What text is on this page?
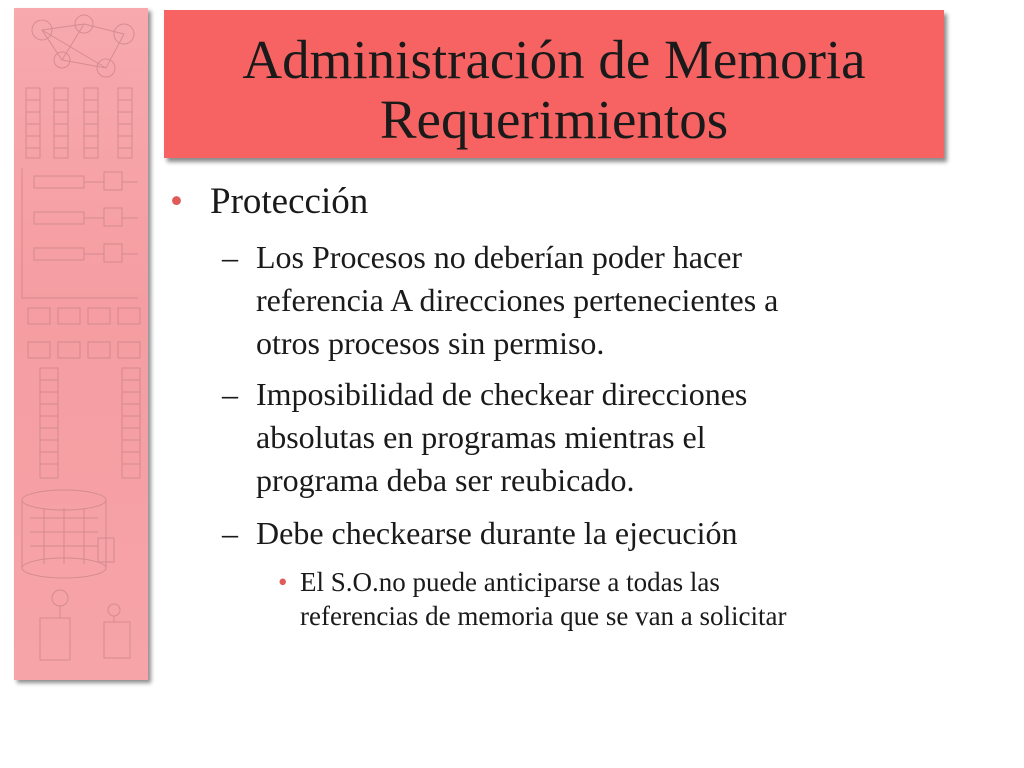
Administración de Memoria
Requerimientos
• Protección
– Los Procesos no deberían poder hacer
referencia A direcciones pertenecientes a
otros procesos sin permiso.
– Imposibilidad de checkear direcciones
absolutas en programas mientras el
programa deba ser reubicado.
– Debe checkearse durante la ejecución
• El S.O.no puede anticiparse a todas las
referencias de memoria que se van a solicitar
